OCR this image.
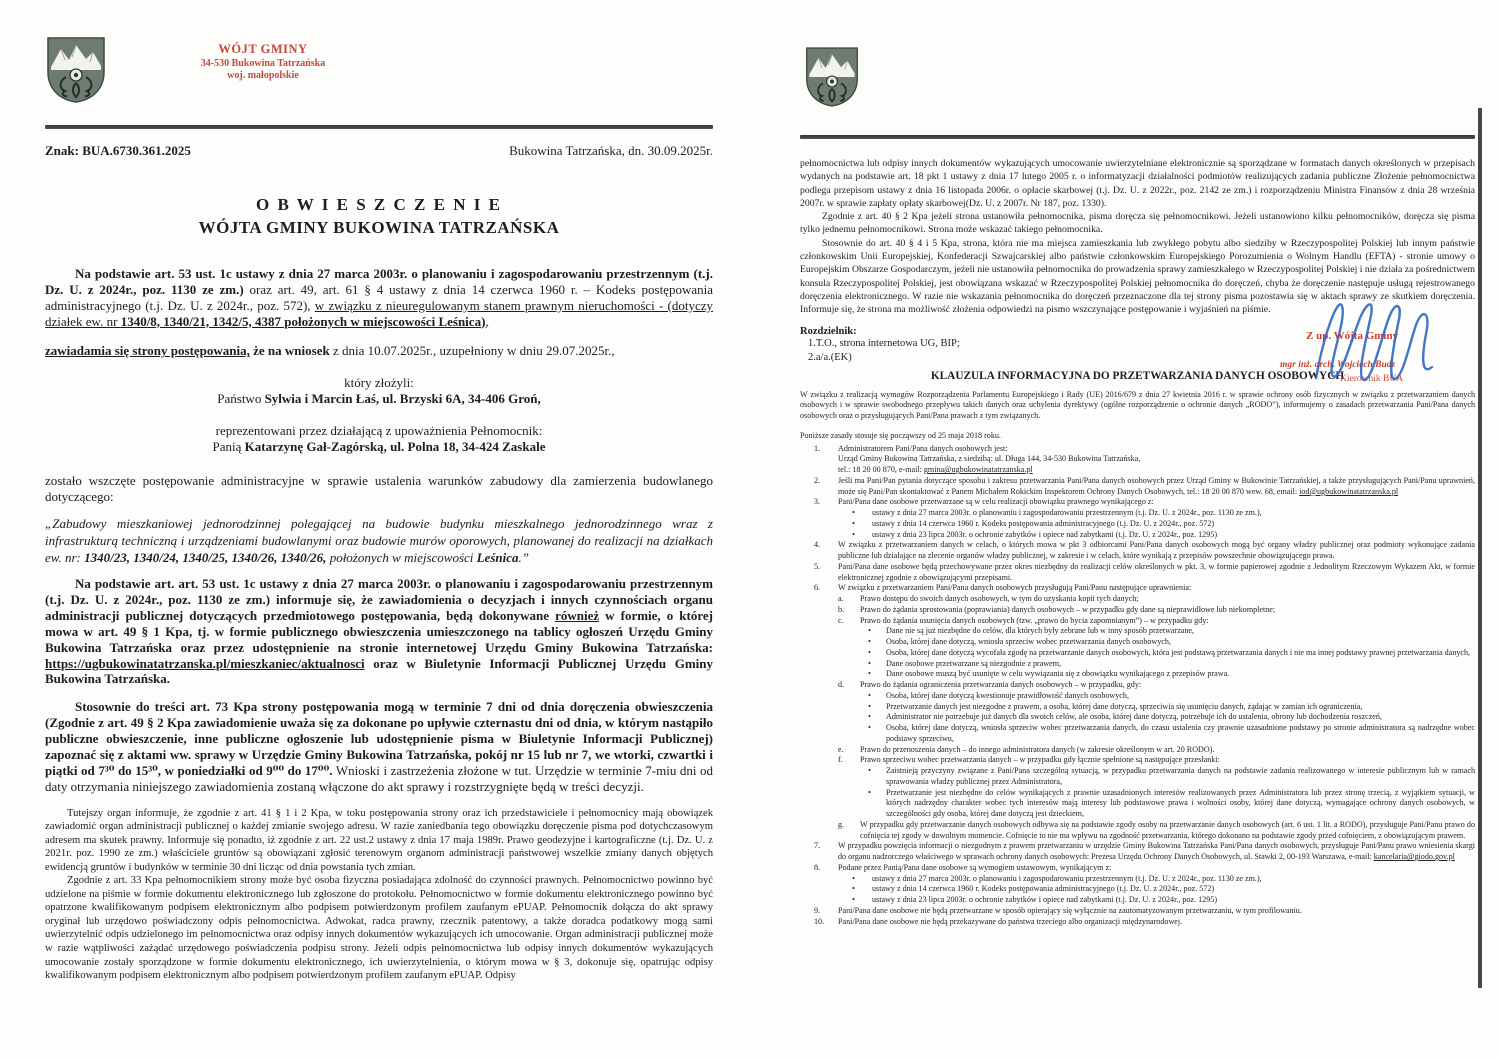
WÓJT GMINY
34-530 Bukowina Tatrzańska
woj. małopolskie
Znak: BUA.6730.361.2025	Bukowina Tatrzańska, dn. 30.09.2025r.
O B W I E S Z C Z E N I E
WÓJTA GMINY BUKOWINA TATRZAŃSKA
Na podstawie art. 53 ust. 1c ustawy z dnia 27 marca 2003r. o planowaniu i zagospodarowaniu przestrzennym (t.j. Dz. U. z 2024r., poz. 1130 ze zm.) oraz art. 49, art. 61 § 4 ustawy z dnia 14 czerwca 1960 r. – Kodeks postępowania administracyjnego (t.j. Dz. U. z 2024r., poz. 572), w związku z nieuregulowanym stanem prawnym nieruchomości - (dotyczy działek ew. nr 1340/8, 1340/21, 1342/5, 4387 położonych w miejscowości Leśnica),
zawiadamia się strony postępowania, że na wniosek z dnia 10.07.2025r., uzupełniony w dniu 29.07.2025r.,
który złożyli:
Państwo Sylwia i Marcin Łaś, ul. Brzyski 6A, 34-406 Groń,
reprezentowani przez działającą z upoważnienia Pełnomocnik:
Panią Katarzynę Gał-Zagórską, ul. Polna 18, 34-424 Zaskale
zostało wszczęte postępowanie administracyjne w sprawie ustalenia warunków zabudowy dla zamierzenia budowlanego dotyczącego:
„Zabudowy mieszkaniowej jednorodzinnej polegającej na budowie budynku mieszkalnego jednorodzinnego wraz z infrastrukturą techniczną i urządzeniami budowlanymi oraz budowie murów oporowych, planowanej do realizacji na działkach ew. nr: 1340/23, 1340/24, 1340/25, 1340/26, 1340/26, położonych w miejscowości Leśnica.”
Na podstawie art. art. 53 ust. 1c ustawy z dnia 27 marca 2003r. o planowaniu i zagospodarowaniu przestrzennym (t.j. Dz. U. z 2024r., poz. 1130 ze zm.) informuje się, że zawiadomienia o decyzjach i innych czynnościach organu administracji publicznej dotyczących przedmiotowego postępowania, będą dokonywane również w formie, o której mowa w art. 49 § 1 Kpa, tj. w formie publicznego obwieszczenia umieszczonego na tablicy ogłoszeń Urzędu Gminy Bukowina Tatrzańska oraz przez udostępnienie na stronie internetowej Urzędu Gminy Bukowina Tatrzańska: https://ugbukowinatatrzanska.pl/mieszkaniec/aktualnosci oraz w Biuletynie Informacji Publicznej Urzędu Gminy Bukowina Tatrzańska.
Stosownie do treści art. 73 Kpa strony postępowania mogą w terminie 7 dni od dnia doręczenia obwieszczenia (Zgodnie z art. 49 § 2 Kpa zawiadomienie uważa się za dokonane po upływie czternastu dni od dnia, w którym nastąpiło publiczne obwieszczenie, inne publiczne ogłoszenie lub udostępnienie pisma w Biuletynie Informacji Publicznej) zapoznać się z aktami ww. sprawy w Urzędzie Gminy Bukowina Tatrzańska, pokój nr 15 lub nr 7, we wtorki, czwartki i piątki od 7³⁰ do 15³⁰, w poniedziałki od 9⁰⁰ do 17⁰⁰. Wnioski i zastrzeżenia złożone w tut. Urzędzie w terminie 7-miu dni od daty otrzymania niniejszego zawiadomienia zostaną włączone do akt sprawy i rozstrzygnięte będą w treści decyzji.
Tutejszy organ informuje, że zgodnie z art. 41 § 1 i 2 Kpa, w toku postępowania strony oraz ich przedstawiciele i pełnomocnicy mają obowiązek zawiadomić organ administracji publicznej o każdej zmianie swojego adresu. W razie zaniedbania tego obowiązku doręczenie pisma pod dotychczasowym adresem ma skutek prawny. Informuje się ponadto, iż zgodnie z art. 22 ust.2 ustawy z dnia 17 maja 1989r. Prawo geodezyjne i kartograficzne (t.j. Dz. U. z 2021r. poz. 1990 ze zm.) właściciele gruntów są obowiązani zgłosić terenowym organom administracji państwowej wszelkie zmiany danych objętych ewidencją gruntów i budynków w terminie 30 dni licząc od dnia powstania tych zmian.
Zgodnie z art. 33 Kpa pełnomocnikiem strony może być osoba fizyczna posiadająca zdolność do czynności prawnych. Pełnomocnictwo powinno być udzielone na piśmie w formie dokumentu elektronicznego lub zgłoszone do protokołu. Pełnomocnictwo w formie dokumentu elektronicznego powinno być opatrzone kwalifikowanym podpisem elektronicznym albo podpisem potwierdzonym profilem zaufanym ePUAP. Pełnomocnik dołącza do akt sprawy oryginał lub urzędowo poświadczony odpis pełnomocnictwa. Adwokat, radca prawny, rzecznik patentowy, a także doradca podatkowy mogą sami uwierzytelnić odpis udzielonego im pełnomocnictwa oraz odpisy innych dokumentów wykazujących ich umocowanie. Organ administracji publicznej może w razie wątpliwości zażądać urzędowego poświadczenia podpisu strony. Jeżeli odpis pełnomocnictwa lub odpisy innych dokumentów wykazujących umocowanie zostały sporządzone w formie dokumentu elektronicznego, ich uwierzytelnienia, o którym mowa w § 3, dokonuje się, opatrując odpisy kwalifikowanym podpisem elektronicznym albo podpisem potwierdzonym profilem zaufanym ePUAP. Odpisy
pełnomocnictwa lub odpisy innych dokumentów wykazujących umocowanie uwierzytelniane elektronicznie są sporządzane w formatach danych określonych w przepisach wydanych na podstawie art. 18 pkt 1 ustawy z dnia 17 lutego 2005 r. o informatyzacji działalności podmiotów realizujących zadania publiczne Złożenie pełnomocnictwa podlega przepisom ustawy z dnia 16 listopada 2006r. o opłacie skarbowej (t.j. Dz. U. z 2022r., poz. 2142 ze zm.) i rozporządzeniu Ministra Finansów z dnia 28 września 2007r. w sprawie zapłaty opłaty skarbowej(Dz. U. z 2007r. Nr 187, poz. 1330).
Zgodnie z art. 40 § 2 Kpa jeżeli strona ustanowiła pełnomocnika, pisma doręcza się pełnomocnikowi. Jeżeli ustanowiono kilku pełnomocników, doręcza się pisma tylko jednemu pełnomocnikowi. Strona może wskazać takiego pełnomocnika.
Stosownie do art. 40 § 4 i 5 Kpa, strona, która nie ma miejsca zamieszkania lub zwykłego pobytu albo siedziby w Rzeczypospolitej Polskiej lub innym państwie członkowskim Unii Europejskiej, Konfederacji Szwajcarskiej albo państwie członkowskim Europejskiego Porozumienia o Wolnym Handlu (EFTA) - stronie umowy o Europejskim Obszarze Gospodarczym, jeżeli nie ustanowiła pełnomocnika do prowadzenia sprawy zamieszkałego w Rzeczypospolitej Polskiej i nie działa za pośrednictwem konsula Rzeczypospolitej Polskiej, jest obowiązana wskazać w Rzeczypospolitej Polskiej pełnomocnika do doręczeń, chyba że doręczenie następuje usługą rejestrowanego doręczenia elektronicznego. W razie nie wskazania pełnomocnika do doręczeń przeznaczone dla tej strony pisma pozostawia się w aktach sprawy ze skutkiem doręczenia. Informuje się, że strona ma możliwość złożenia odpowiedzi na pismo wszczynające postępowanie i wyjaśnień na piśmie.
Rozdzielnik:
1.T.O., strona internetowa UG, BIP;
2.a/a.(EK)
Z up. Wójta Gminy
mgr inż. arch. Wojciech Budz
Kierownik BUA
KLAUZULA INFORMACYJNA DO PRZETWARZANIA DANYCH OSOBOWYCH
W związku z realizacją wymogów Rozporządzenia Parlamentu Europejskiego i Rady (UE) 2016/679 z dnia 27 kwietnia 2016 r. w sprawie ochrony osób fizycznych w związku z przetwarzaniem danych osobowych i w sprawie swobodnego przepływu takich danych oraz uchylenia dyrektywy (ogólne rozporządzenie o ochronie danych „RODO”), informujemy o zasadach przetwarzania Pani/Pana danych osobowych oraz o przysługujących Pani/Pana prawach z tym związanych.
Poniższe zasady stosuje się począwszy od 25 maja 2018 roku.
1.	Administratorem Pani/Pana danych osobowych jest:
Urząd Gminy Bukowina Tatrzańska, z siedzibą: ul. Długa 144, 34-530 Bukowina Tatrzańska,
tel.: 18 20 00 870, e-mail: gmina@ugbukowinatatrzanska.pl
2.	Jeśli ma Pani/Pan pytania dotyczące sposobu i zakresu przetwarzania Pani/Pana danych osobowych przez Urząd Gminy w Bukowinie Tatrzańskiej, a także przysługujących Pani/Panu uprawnień, może się Pani/Pan skontaktować z Panem Michałem Rokickim Inspektorem Ochrony Danych Osobowych, tel.: 18 20 00 870 wew. 68, email: iod@ugbukowinatatrzanska.pl
3.	Pani/Pana dane osobowe przetwarzane są w celu realizacji obowiązku prawnego wynikającego z:
•	ustawy z dnia 27 marca 2003r. o planowaniu i zagospodarowaniu przestrzennym (t.j. Dz. U. z 2024r., poz. 1130 ze zm.),
•	ustawy z dnia 14 czerwca 1960 r. Kodeks postępowania administracyjnego (t.j. Dz. U. z 2024r., poz. 572)
•	ustawy z dnia 23 lipca 2003r. o ochronie zabytków i opiece nad zabytkami (t.j. Dz. U. z 2024r., poz. 1295)
4.	W związku z przetwarzaniem danych w celach, o których mowa w pkt 3 odbiorcami Pani/Pana danych osobowych mogą być organy władzy publicznej oraz podmioty wykonujące zadania publiczne lub działające na zlecenie organów władzy publicznej, w zakresie i w celach, które wynikają z przepisów powszechnie obowiązującego prawa.
5.	Pani/Pana dane osobowe będą przechowywane przez okres niezbędny do realizacji celów określonych w pkt. 3, w formie papierowej zgodnie z Jednolitym Rzeczowym Wykazem Akt, w formie elektronicznej zgodnie z obowiązującymi przepisami.
6.	W związku z przetwarzaniem Pani/Pana danych osobowych przysługują Pani/Panu następujące uprawnienia:
a.	Prawo dostępu do swoich danych osobowych, w tym do uzyskania kopii tych danych;
b.	Prawo do żądania sprostowania (poprawiania) danych osobowych – w przypadku gdy dane są nieprawidłowe lub niekompletne;
c.	Prawo do żądania usunięcia danych osobowych (tzw. „prawo do bycia zapomnianym”) – w przypadku gdy:
•	Dane nie są już niezbędne do celów, dla których były zebrane lub w inny sposób przetwarzane,
•	Osoba, której dane dotyczą, wniosła sprzeciw wobec przetwarzania danych osobowych,
•	Osoba, której dane dotyczą wycofała zgodę na przetwarzanie danych osobowych, która jest podstawą przetwarzania danych i nie ma innej podstawy prawnej przetwarzania danych,
•	Dane osobowe przetwarzane są niezgodnie z prawem,
•	Dane osobowe muszą być usunięte w celu wywiązania się z obowiązku wynikającego z przepisów prawa.
d.	Prawo do żądania ograniczenia przetwarzania danych osobowych – w przypadku, gdy:
•	Osoba, której dane dotyczą kwestionuje prawidłowość danych osobowych,
•	Przetwarzanie danych jest niezgodne z prawem, a osoba, której dane dotyczą, sprzeciwia się usunięciu danych, żądając w zamian ich ograniczenia,
•	Administrator nie potrzebuje już danych dla swoich celów, ale osoba, której dane dotyczą, potrzebuje ich do ustalenia, obrony lub dochodzenia roszczeń,
•	Osoba, której dane dotyczą, wniosła sprzeciw wobec przetwarzania danych, do czasu ustalenia czy prawnie uzasadnione podstawy po stronie administratora są nadrzędne wobec podstawy sprzeciwu,
e.	Prawo do przenoszenia danych – do innego administratora danych (w zakresie określonym w art. 20 RODO).
f.	Prawo sprzeciwu wobec przetwarzania danych – w przypadku gdy łącznie spełnione są następujące przesłanki:
•	Zaistnieją przyczyny związane z Pani/Pana szczególną sytuacją, w przypadku przetwarzania danych na podstawie zadania realizowanego w interesie publicznym lub w ramach sprawowania władzy publicznej przez Administratora,
•	Przetwarzanie jest niezbędne do celów wynikających z prawnie uzasadnionych interesów realizowanych przez Administratora lub przez stronę trzecią, z wyjątkiem sytuacji, w których nadrzędny charakter wobec tych interesów mają interesy lub podstawowe prawa i wolności osoby, której dane dotyczą, wymagające ochrony danych osobowych, w szczególności gdy osoba, której dane dotyczą jest dzieckiem,
g.	W przypadku gdy przetwarzanie danych osobowych odbywa się na podstawie zgody osoby na przetwarzanie danych osobowych (art. 6 ust. 1 lit. a RODO), przysługuje Pani/Panu prawo do cofnięcia tej zgody w dowolnym momencie. Cofnięcie to nie ma wpływu na zgodność przetwarzania, którego dokonano na podstawie zgody przed cofnięciem, z obowiązującym prawem.
7.	W przypadku powzięcia informacji o niezgodnym z prawem przetwarzaniu w urzędzie Gminy Bukowina Tatrzańska Pani/Pana danych osobowych, przysługuje Pani/Panu prawo wniesienia skargi do organu nadzorczego właściwego w sprawach ochrony danych osobowych: Prezesa Urzędu Ochrony Danych Osobowych, ul. Stawki 2, 00-193 Warszawa, e-mail: kancelaria@giodo.gov.pl
8.	Podane przez Panią/Pana dane osobowe są wymogiem ustawowym, wynikającym z:
•	ustawy z dnia 27 marca 2003r. o planowaniu i zagospodarowaniu przestrzennym (t.j. Dz. U. z 2024r., poz. 1130 ze zm.),
•	ustawy z dnia 14 czerwca 1960 r. Kodeks postępowania administracyjnego (t.j. Dz. U. z 2024r., poz. 572)
•	ustawy z dnia 23 lipca 2003r. o ochronie zabytków i opiece nad zabytkami (t.j. Dz. U. z 2024r., poz. 1295)
9.	Pani/Pana dane osobowe nie będą przetwarzane w sposób opierający się wyłącznie na zautomatyzowanym przetwarzaniu, w tym profilowaniu.
10.	Pani/Pana dane osobowe nie będą przekazywane do państwa trzeciego albo organizacji międzynarodowej.
